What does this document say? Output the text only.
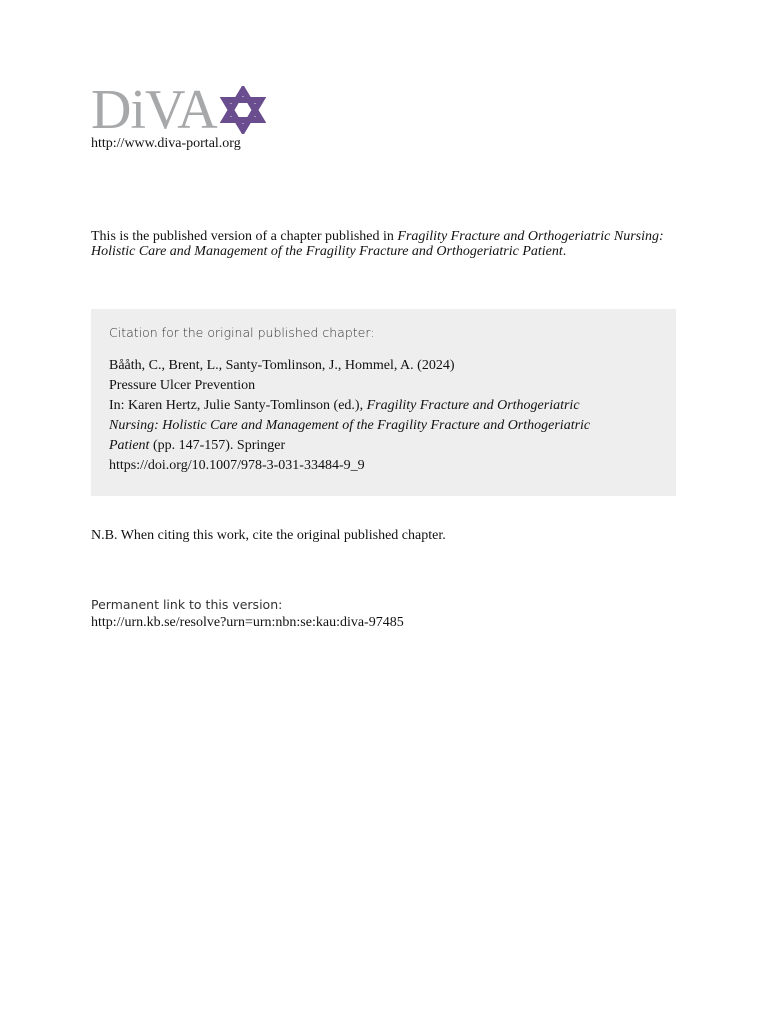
DiVA
http://www.diva-portal.org
This is the published version of a chapter published in Fragility Fracture and Orthogeriatric Nursing: Holistic Care and Management of the Fragility Fracture and Orthogeriatric Patient.
Citation for the original published chapter:
Bååth, C., Brent, L., Santy-Tomlinson, J., Hommel, A. (2024)
Pressure Ulcer Prevention
In: Karen Hertz, Julie Santy-Tomlinson (ed.), Fragility Fracture and Orthogeriatric
Nursing: Holistic Care and Management of the Fragility Fracture and Orthogeriatric
Patient (pp. 147-157). Springer
https://doi.org/10.1007/978-3-031-33484-9_9
N.B. When citing this work, cite the original published chapter.
Permanent link to this version:
http://urn.kb.se/resolve?urn=urn:nbn:se:kau:diva-97485
